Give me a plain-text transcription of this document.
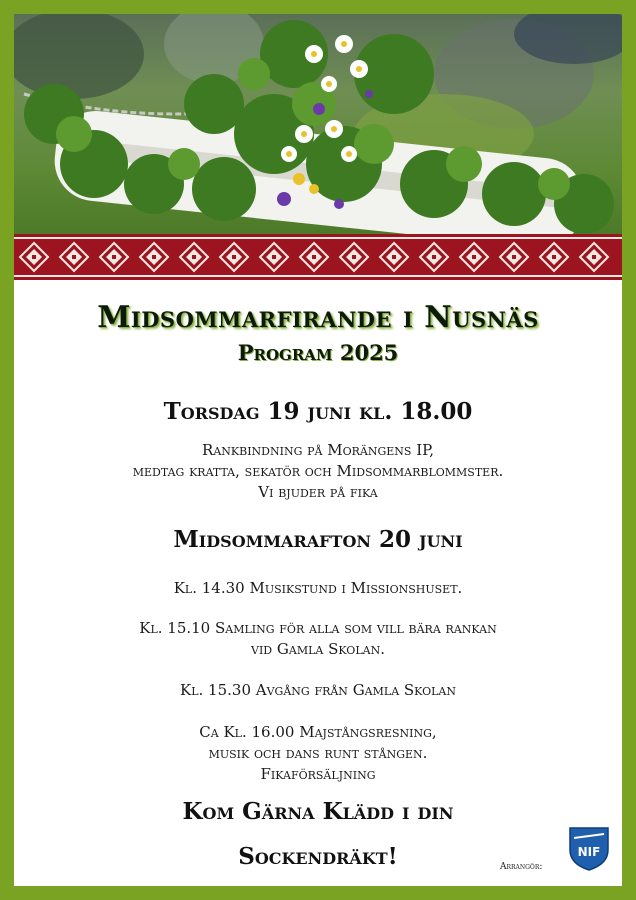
Midsommarfirande i Nusnäs
Program 2025
Torsdag 19 juni kl. 18.00
Rankbindning på Morängens IP,
medtag kratta, sekatör och Midsommarblommster.
Vi bjuder på fika
Midsommarafton 20 juni
Kl. 14.30 Musikstund i Missionshuset.
Kl. 15.10 Samling för alla som vill bära rankan
vid Gamla Skolan.
Kl. 15.30 Avgång från Gamla Skolan
Ca Kl. 16.00 Majstångsresning,
musik och dans runt stången.
Fikaförsäljning
Kom Gärna Klädd i din
Sockendräkt!	Arrangör:
NIF
